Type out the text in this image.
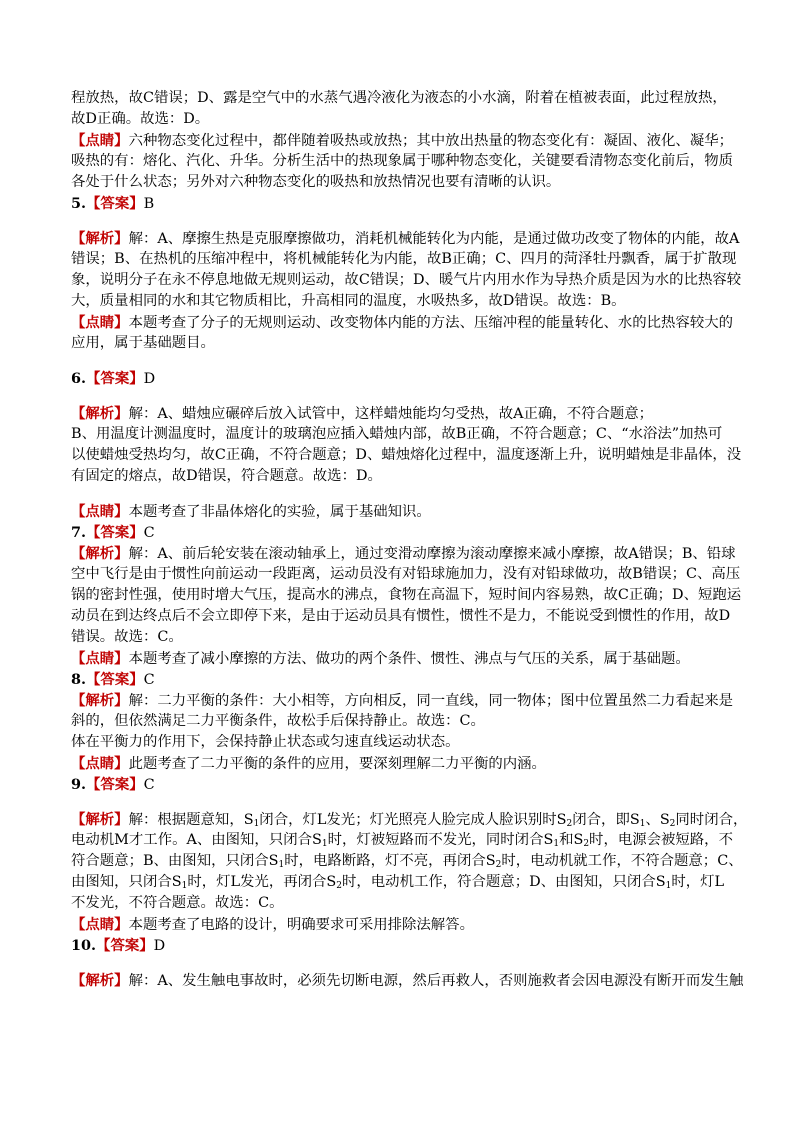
程放热，故C错误；D、露是空气中的水蒸气遇冷液化为液态的小水滴，附着在植被表面，此过程放热，
故D正确。故选：D。
【点睛】六种物态变化过程中，都伴随着吸热或放热；其中放出热量的物态变化有：凝固、液化、凝华；
吸热的有：熔化、汽化、升华。分析生活中的热现象属于哪种物态变化，关键要看清物态变化前后，物质
各处于什么状态；另外对六种物态变化的吸热和放热情况也要有清晰的认识。
5.【答案】B
【解析】解：A、摩擦生热是克服摩擦做功，消耗机械能转化为内能，是通过做功改变了物体的内能，故A
错误；B、在热机的压缩冲程中，将机械能转化为内能，故B正确；C、四月的菏泽牡丹飘香，属于扩散现
象，说明分子在永不停息地做无规则运动，故C错误；D、暖气片内用水作为导热介质是因为水的比热容较
大，质量相同的水和其它物质相比，升高相同的温度，水吸热多，故D错误。故选：B。
【点睛】本题考查了分子的无规则运动、改变物体内能的方法、压缩冲程的能量转化、水的比热容较大的
应用，属于基础题目。
6.【答案】D
【解析】解：A、蜡烛应碾碎后放入试管中，这样蜡烛能均匀受热，故A正确，不符合题意；
B、用温度计测温度时，温度计的玻璃泡应插入蜡烛内部，故B正确，不符合题意；C、“水浴法”加热可
以使蜡烛受热均匀，故C正确，不符合题意；D、蜡烛熔化过程中，温度逐渐上升，说明蜡烛是非晶体，没
有固定的熔点，故D错误，符合题意。故选：D。
【点睛】本题考查了非晶体熔化的实验，属于基础知识。
7.【答案】C
【解析】解：A、前后轮安装在滚动轴承上，通过变滑动摩擦为滚动摩擦来减小摩擦，故A错误；B、铅球
空中飞行是由于惯性向前运动一段距离，运动员没有对铅球施加力，没有对铅球做功，故B错误；C、高压
锅的密封性强，使用时增大气压，提高水的沸点，食物在高温下，短时间内容易熟，故C正确；D、短跑运
动员在到达终点后不会立即停下来，是由于运动员具有惯性，惯性不是力，不能说受到惯性的作用，故D
错误。故选：C。
【点睛】本题考查了减小摩擦的方法、做功的两个条件、惯性、沸点与气压的关系，属于基础题。
8.【答案】C
【解析】解：二力平衡的条件：大小相等，方向相反，同一直线，同一物体；图中位置虽然二力看起来是
斜的，但依然满足二力平衡条件，故松手后保持静止。故选：C。
体在平衡力的作用下，会保持静止状态或匀速直线运动状态。
【点睛】此题考查了二力平衡的条件的应用，要深刻理解二力平衡的内涵。
9.【答案】C
【解析】解：根据题意知，$S_1$闭合，灯L发光；灯光照亮人脸完成人脸识别时$S_2$闭合，即$S_1$、$S_2$同时闭合，
电动机M才工作。A、由图知，只闭合$S_1$时，灯被短路而不发光，同时闭合$S_1$和$S_2$时，电源会被短路，不
符合题意；B、由图知，只闭合$S_1$时，电路断路，灯不亮，再闭合$S_2$时，电动机就工作，不符合题意；C、
由图知，只闭合$S_1$时，灯L发光，再闭合$S_2$时，电动机工作，符合题意；D、由图知，只闭合$S_1$时，灯L
不发光，不符合题意。故选：C。
【点睛】本题考查了电路的设计，明确要求可采用排除法解答。
10.【答案】D
【解析】解：A、发生触电事故时，必须先切断电源，然后再救人，否则施救者会因电源没有断开而发生触
